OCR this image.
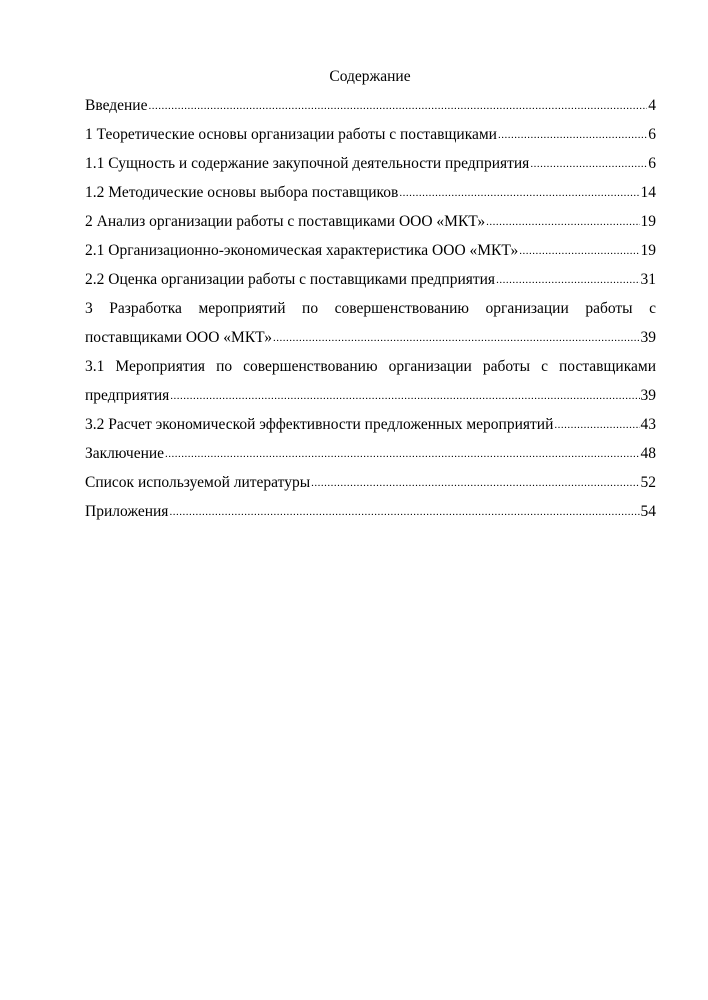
Содержание
Введение .....	4
1 Теоретические основы организации работы с поставщиками .....	6
1.1 Сущность и содержание закупочной деятельности предприятия .....	6
1.2 Методические основы выбора поставщиков .....	14
2 Анализ организации работы с поставщиками ООО «МКТ» .....	19
2.1 Организационно-экономическая характеристика ООО «МКТ» .....	19
2.2 Оценка организации работы с поставщиками предприятия .....	31
3 Разработка мероприятий по совершенствованию организации работы с
поставщиками ООО «МКТ» .....	39
3.1 Мероприятия по совершенствованию организации работы с поставщиками
предприятия .....	39
3.2 Расчет экономической эффективности предложенных мероприятий .....	43
Заключение .....	48
Список используемой литературы .....	52
Приложения .....	54
